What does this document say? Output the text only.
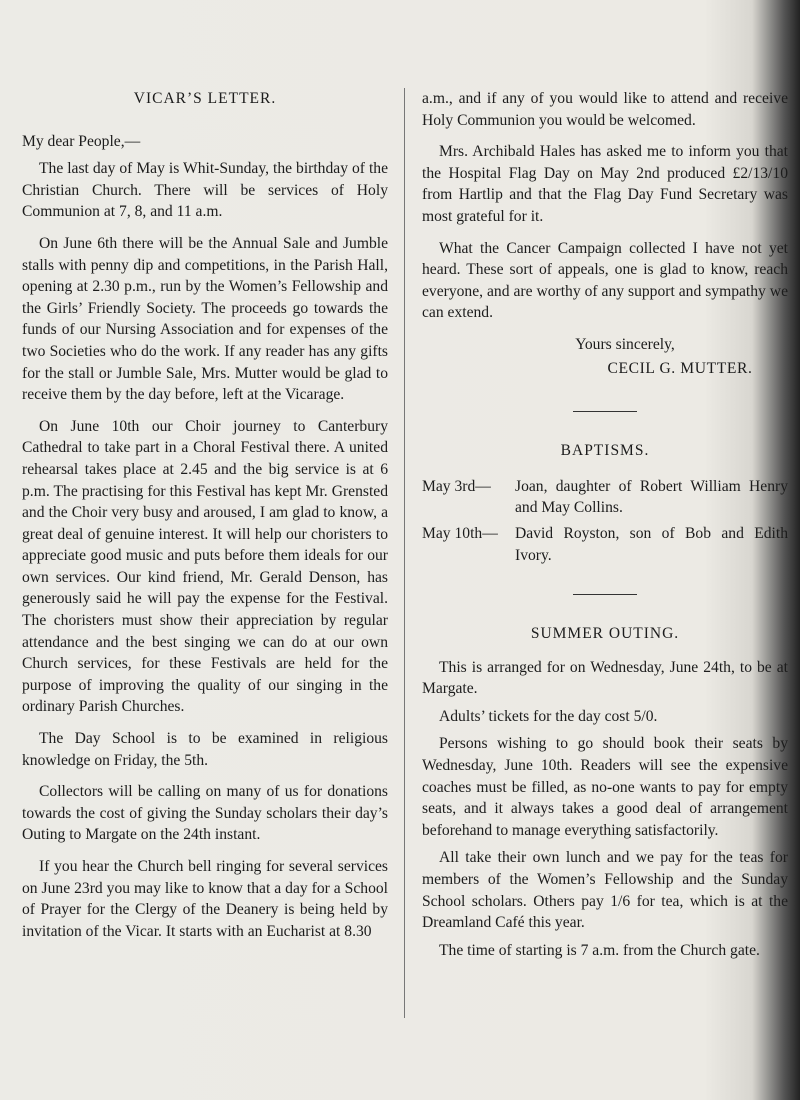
VICAR’S LETTER.

My dear People,—

The last day of May is Whit-Sunday, the birthday of the Christian Church. There will be services of Holy Communion at 7, 8, and 11 a.m.

On June 6th there will be the Annual Sale and Jumble stalls with penny dip and competitions, in the Parish Hall, opening at 2.30 p.m., run by the Women’s Fellowship and the Girls’ Friendly Society. The proceeds go towards the funds of our Nursing Association and for expenses of the two Societies who do the work. If any reader has any gifts for the stall or Jumble Sale, Mrs. Mutter would be glad to receive them by the day before, left at the Vicarage.

On June 10th our Choir journey to Canterbury Cathedral to take part in a Choral Festival there. A united rehearsal takes place at 2.45 and the big service is at 6 p.m. The practising for this Festival has kept Mr. Grensted and the Choir very busy and aroused, I am glad to know, a great deal of genuine interest. It will help our choristers to appreciate good music and puts before them ideals for our own services. Our kind friend, Mr. Gerald Denson, has generously said he will pay the expense for the Festival. The choristers must show their appreciation by regular attendance and the best singing we can do at our own Church services, for these Festivals are held for the purpose of improving the quality of our singing in the ordinary Parish Churches.

The Day School is to be examined in religious knowledge on Friday, the 5th.

Collectors will be calling on many of us for donations towards the cost of giving the Sunday scholars their day’s Outing to Margate on the 24th instant.

If you hear the Church bell ringing for several services on June 23rd you may like to know that a day for a School of Prayer for the Clergy of the Deanery is being held by invitation of the Vicar. It starts with an Eucharist at 8.30

a.m., and if any of you would like to attend and receive Holy Communion you would be welcomed.

Mrs. Archibald Hales has asked me to inform you that the Hospital Flag Day on May 2nd produced £2/13/10 from Hartlip and that the Flag Day Fund Secretary was most grateful for it.

What the Cancer Campaign collected I have not yet heard. These sort of appeals, one is glad to know, reach everyone, and are worthy of any support and sympathy we can extend.

Yours sincerely,

CECIL G. MUTTER.

BAPTISMS.

May 3rd— Joan, daughter of Robert William Henry and May Collins.

May 10th— David Royston, son of Bob and Edith Ivory.

SUMMER OUTING.

This is arranged for on Wednesday, June 24th, to be at Margate.

Adults’ tickets for the day cost 5/0.

Persons wishing to go should book their seats by Wednesday, June 10th. Readers will see the expensive coaches must be filled, as no-one wants to pay for empty seats, and it always takes a good deal of arrangement beforehand to manage everything satisfactorily.

All take their own lunch and we pay for the teas for members of the Women’s Fellowship and the Sunday School scholars. Others pay 1/6 for tea, which is at the Dreamland Café this year.

The time of starting is 7 a.m. from the Church gate.
